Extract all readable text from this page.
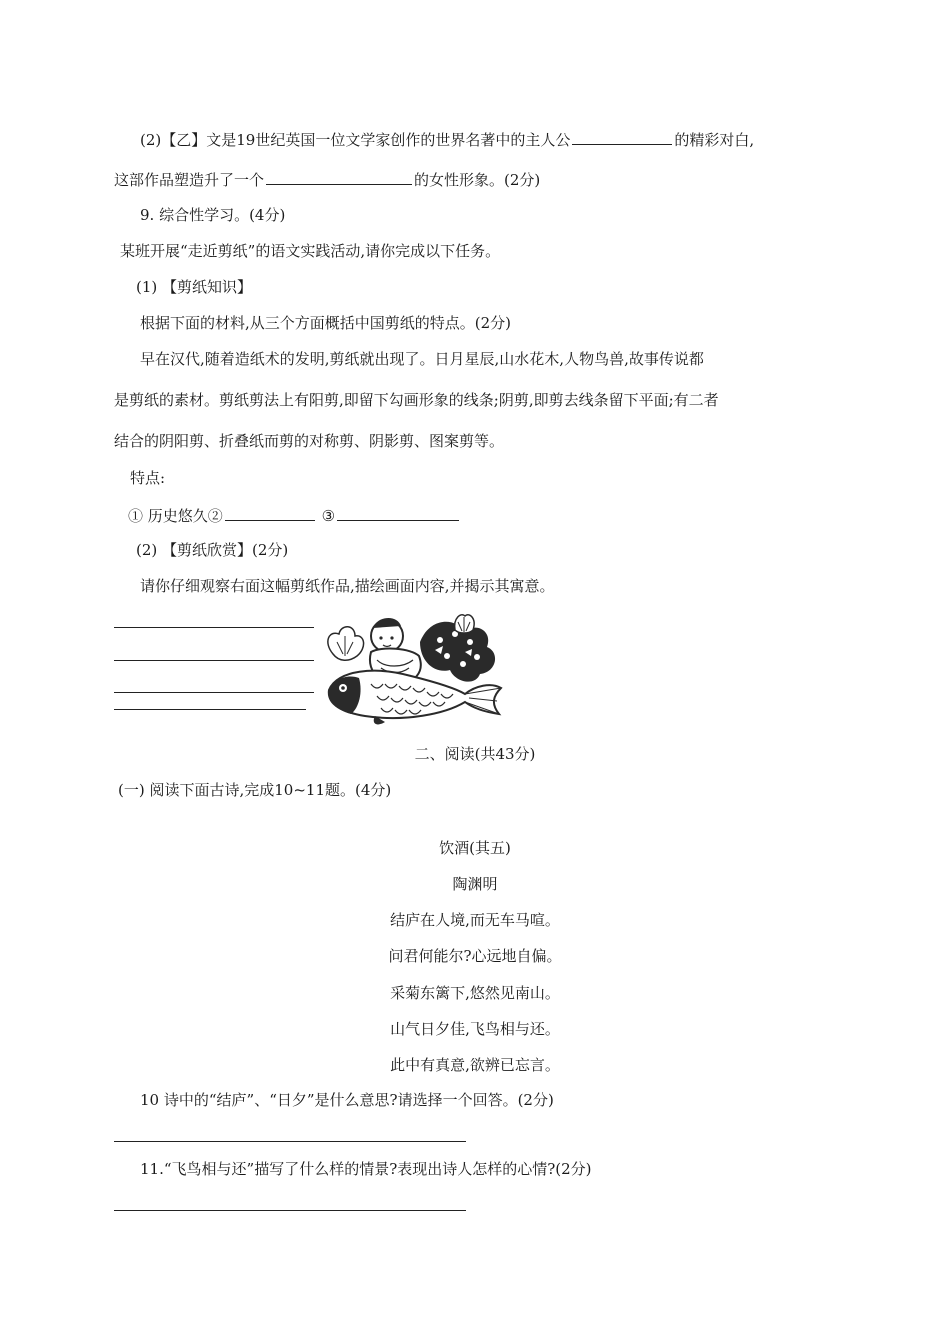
(2)【乙】文是19世纪英国一位文学家创作的世界名著中的主人公	的精彩对白,
这部作品塑造升了一个	的女性形象。(2分)
9. 综合性学习。(4分)
某班开展“走近剪纸”的语文实践活动,请你完成以下任务。
(1) 【剪纸知识】
根据下面的材料,从三个方面概括中国剪纸的特点。(2分)
早在汉代,随着造纸术的发明,剪纸就出现了。日月星辰,山水花木,人物鸟兽,故事传说都
是剪纸的素材。剪纸剪法上有阳剪,即留下勾画形象的线条;阴剪,即剪去线条留下平面;有二者
结合的阴阳剪、折叠纸而剪的对称剪、阴影剪、图案剪等。
特点:
① 历史悠久②	③
(2) 【剪纸欣赏】(2分)
请你仔细观察右面这幅剪纸作品,描绘画面内容,并揭示其寓意。
二、阅读(共43分)
(一) 阅读下面古诗,完成10~11题。(4分)
饮酒(其五)
陶渊明
结庐在人境,而无车马喧。
问君何能尔?心远地自偏。
采菊东篱下,悠然见南山。
山气日夕佳,飞鸟相与还。
此中有真意,欲辨已忘言。
10 诗中的“结庐”、“日夕”是什么意思?请选择一个回答。(2分)
11.“飞鸟相与还”描写了什么样的情景?表现出诗人怎样的心情?(2分)
